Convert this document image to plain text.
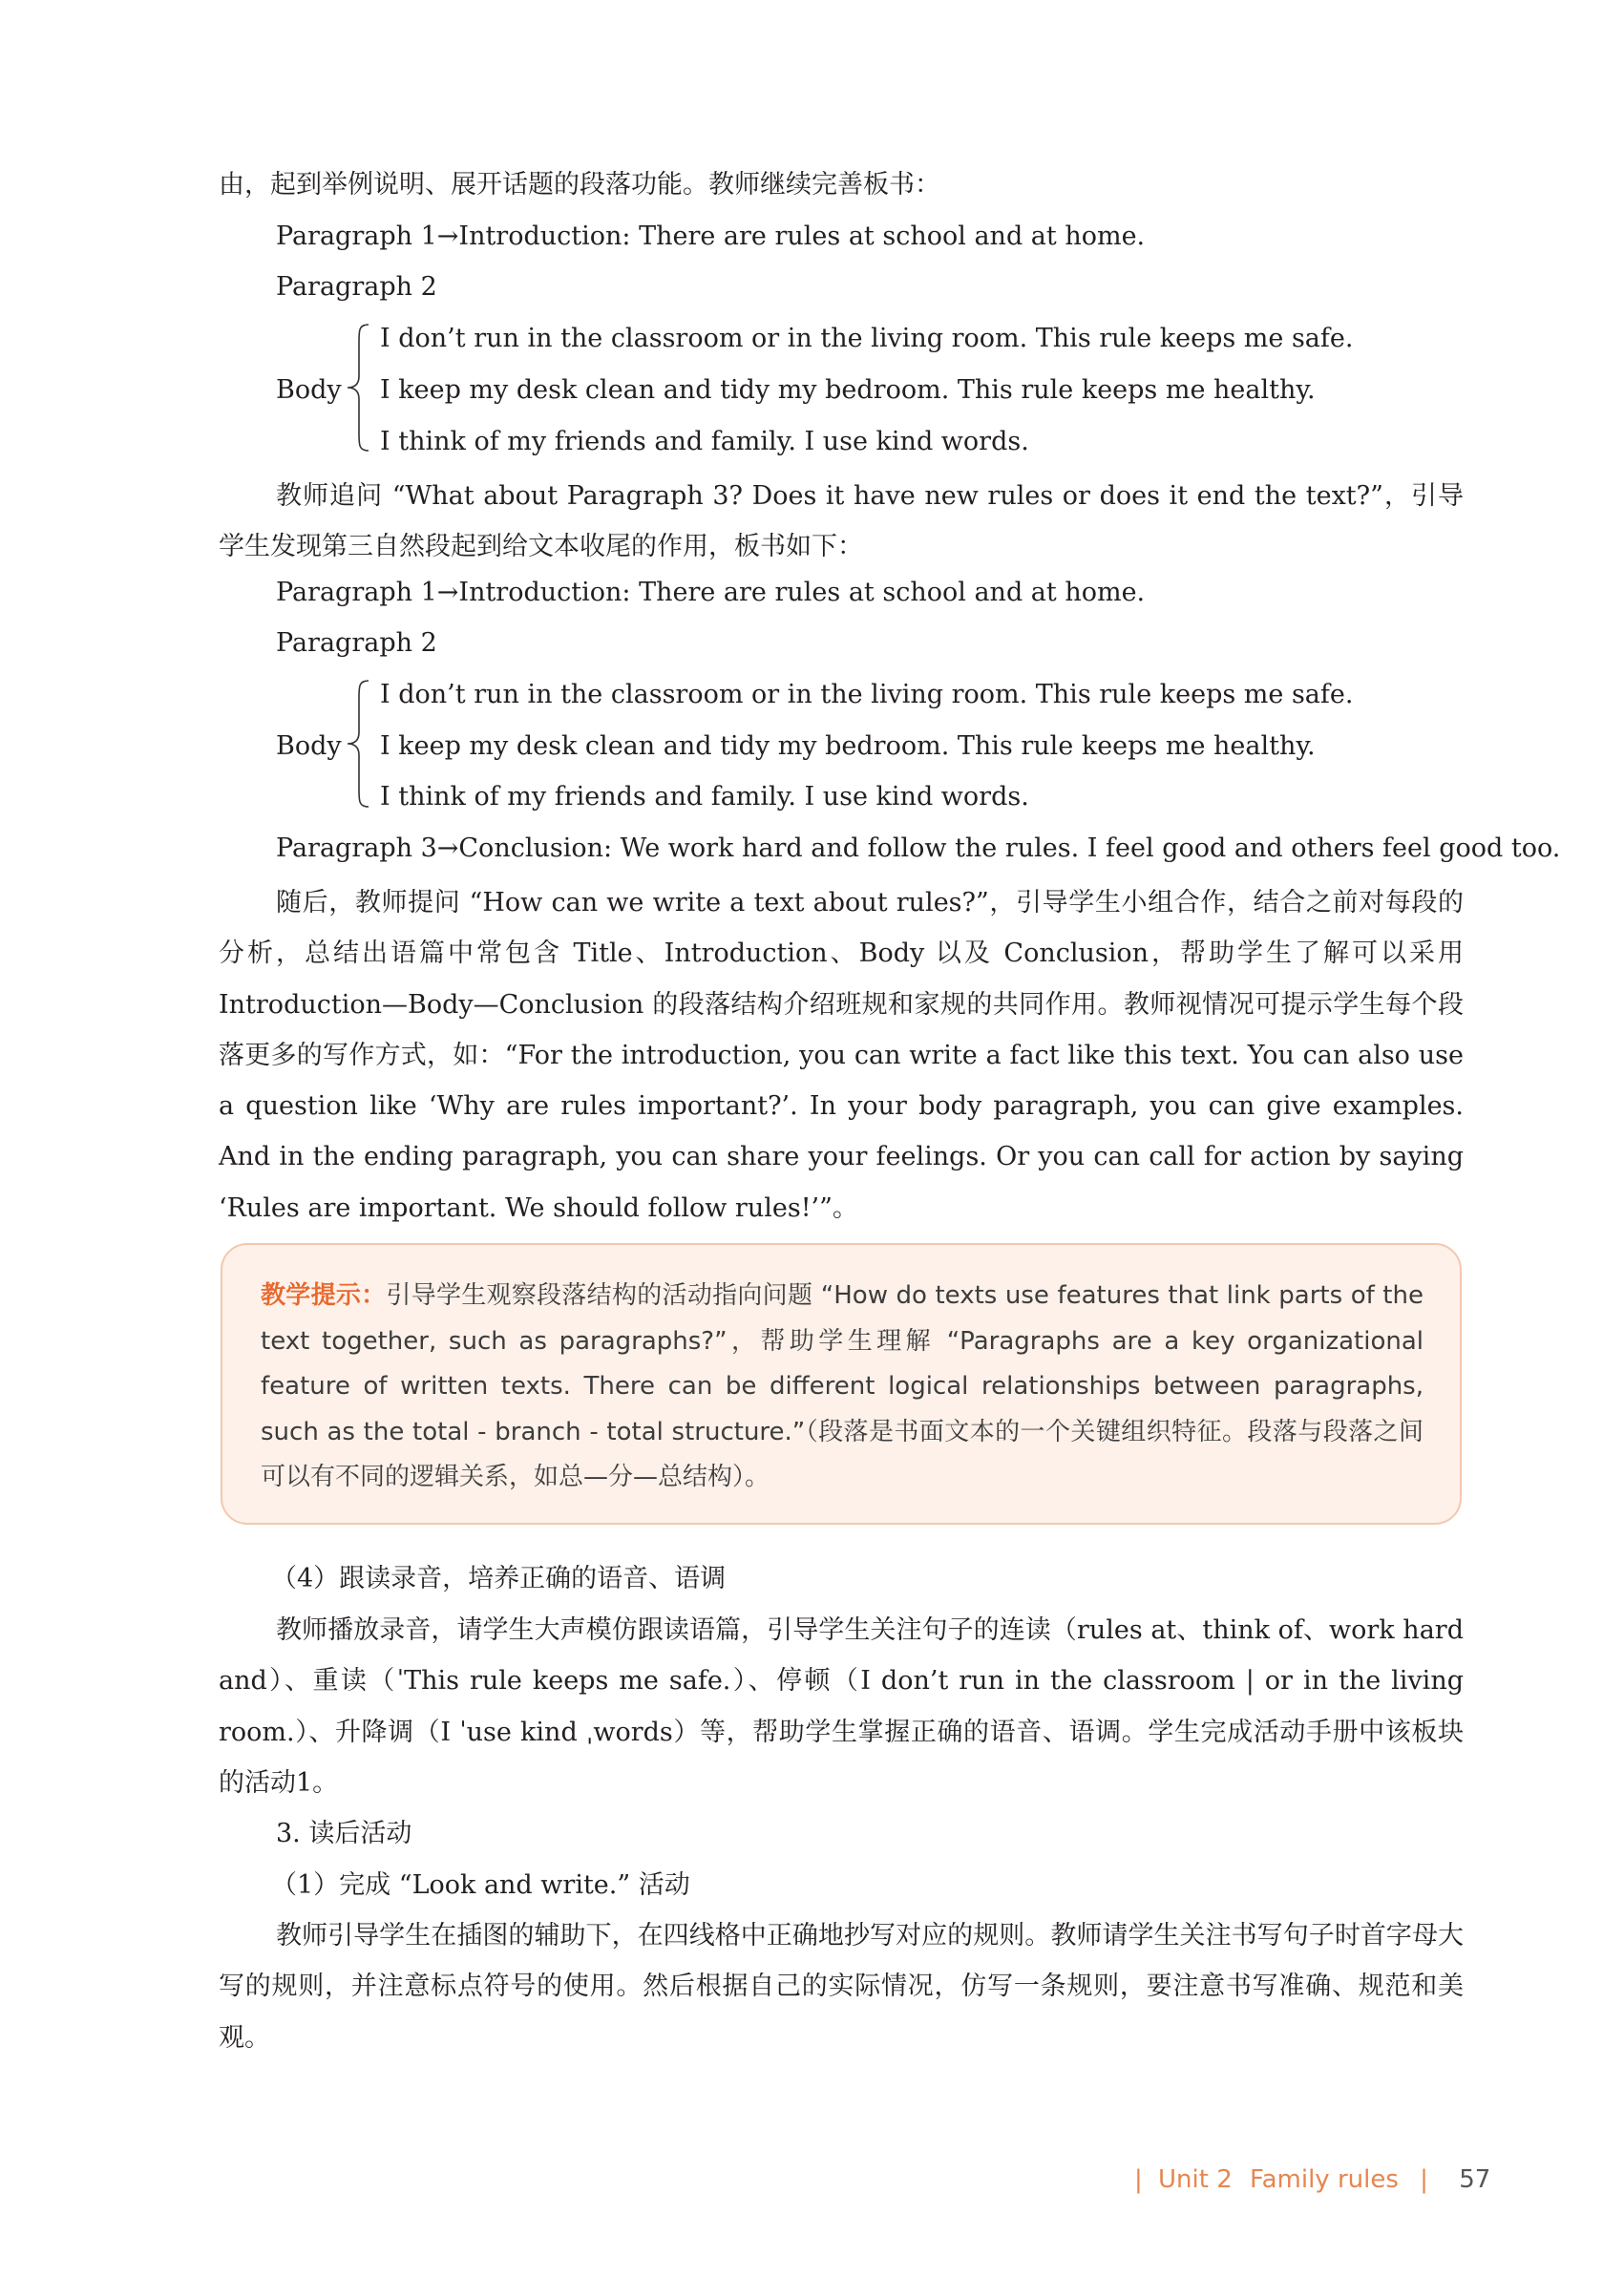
由，起到举例说明、展开话题的段落功能。教师继续完善板书：
Paragraph 1→Introduction: There are rules at school and at home.
Paragraph 2
Body
I don’t run in the classroom or in the living room. This rule keeps me safe.
I keep my desk clean and tidy my bedroom. This rule keeps me healthy.
I think of my friends and family. I use kind words.

教师追问 “What about Paragraph 3? Does it have new rules or does it end the text?”，引导学生发现第三自然段起到给文本收尾的作用，板书如下：

Paragraph 1→Introduction: There are rules at school and at home.
Paragraph 2
Body
I don’t run in the classroom or in the living room. This rule keeps me safe.
I keep my desk clean and tidy my bedroom. This rule keeps me healthy.
I think of my friends and family. I use kind words.
Paragraph 3→Conclusion: We work hard and follow the rules. I feel good and others feel good too.

随后，教师提问 “How can we write a text about rules?”，引导学生小组合作，结合之前对每段的分析，总结出语篇中常包含 Title、Introduction、Body 以及 Conclusion，帮助学生了解可以采用 Introduction—Body—Conclusion 的段落结构介绍班规和家规的共同作用。教师视情况可提示学生每个段落更多的写作方式，如：“For the introduction, you can write a fact like this text. You can also use a question like ‘Why are rules important?’. In your body paragraph, you can give examples. And in the ending paragraph, you can share your feelings. Or you can call for action by saying ‘Rules are important. We should follow rules!’”。

教学提示：引导学生观察段落结构的活动指向问题 “How do texts use features that link parts of the text together, such as paragraphs?”，帮助学生理解 “Paragraphs are a key organizational feature of written texts. There can be different logical relationships between paragraphs, such as the total - branch - total structure.”（段落是书面文本的一个关键组织特征。段落与段落之间可以有不同的逻辑关系，如总—分—总结构）。
（4）跟读录音，培养正确的语音、语调

教师播放录音，请学生大声模仿跟读语篇，引导学生关注句子的连读（rules at、think of、work hard and）、重读（ˈThis rule keeps me safe.）、停顿（I don’t run in the classroom | or in the living room.）、升降调（I ˈuse kind ˌwords）等，帮助学生掌握正确的语音、语调。学生完成活动手册中该板块的活动1。

3. 读后活动
（1）完成 “Look and write.” 活动

教师引导学生在插图的辅助下，在四线格中正确地抄写对应的规则。教师请学生关注书写句子时首字母大写的规则，并注意标点符号的使用。然后根据自己的实际情况，仿写一条规则，要注意书写准确、规范和美观。

| Unit 2 Family rules | 57
